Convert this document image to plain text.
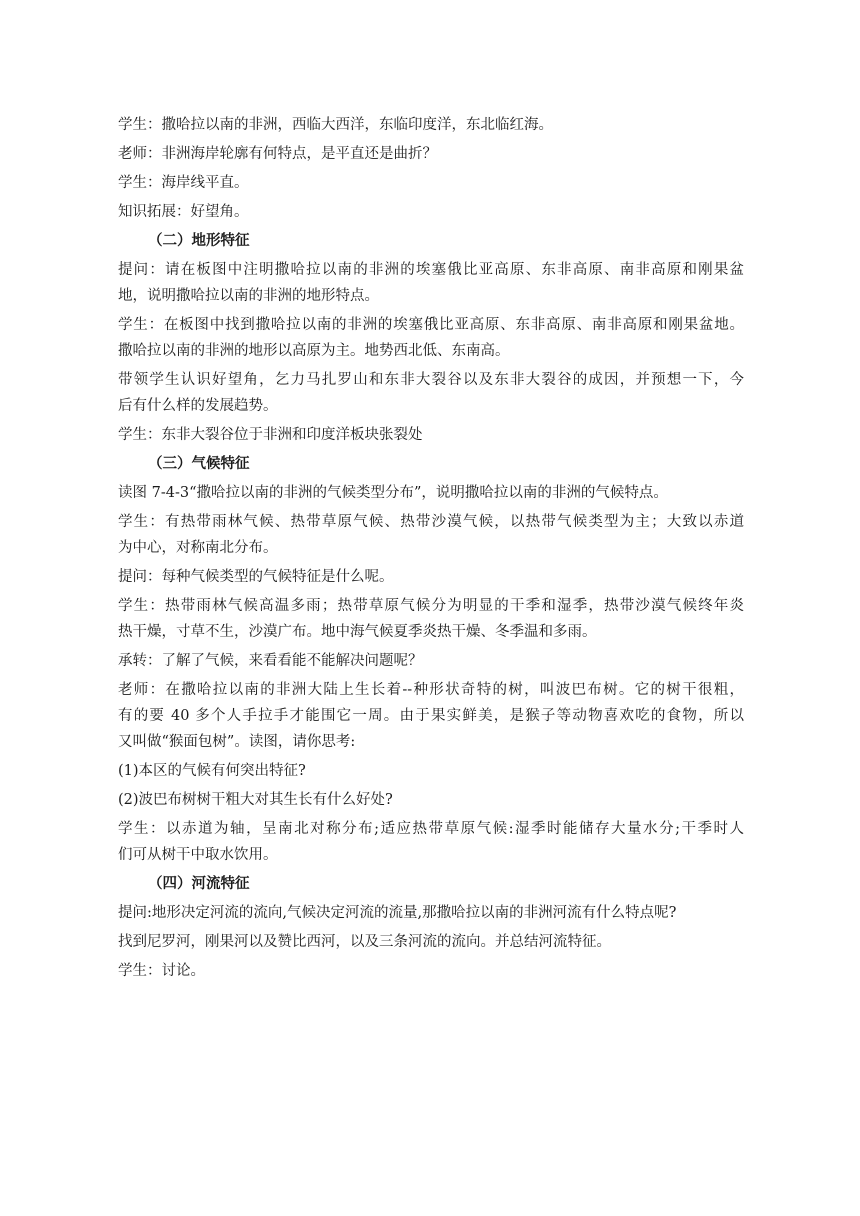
学生：撒哈拉以南的非洲，西临大西洋，东临印度洋，东北临红海。
老师：非洲海岸轮廓有何特点，是平直还是曲折？
学生：海岸线平直。
知识拓展：好望角。
（二）地形特征
提问：请在板图中注明撒哈拉以南的非洲的埃塞俄比亚高原、东非高原、南非高原和刚果盆
地，说明撒哈拉以南的非洲的地形特点。
学生：在板图中找到撒哈拉以南的非洲的埃塞俄比亚高原、东非高原、南非高原和刚果盆地。
撒哈拉以南的非洲的地形以高原为主。地势西北低、东南高。
带领学生认识好望角，乞力马扎罗山和东非大裂谷以及东非大裂谷的成因，并预想一下，今
后有什么样的发展趋势。
学生：东非大裂谷位于非洲和印度洋板块张裂处
（三）气候特征
读图 7-4-3“撒哈拉以南的非洲的气候类型分布”，说明撒哈拉以南的非洲的气候特点。
学生：有热带雨林气候、热带草原气候、热带沙漠气候，以热带气候类型为主；大致以赤道
为中心，对称南北分布。
提问：每种气候类型的气候特征是什么呢。
学生：热带雨林气候高温多雨；热带草原气候分为明显的干季和湿季，热带沙漠气候终年炎
热干燥，寸草不生，沙漠广布。地中海气候夏季炎热干燥、冬季温和多雨。
承转：了解了气候，来看看能不能解决问题呢？
老师：在撒哈拉以南的非洲大陆上生长着--种形状奇特的树，叫波巴布树。它的树干很粗，
有的要 40 多个人手拉手才能围它一周。由于果实鲜美，是猴子等动物喜欢吃的食物，所以
又叫做“猴面包树”。读图，请你思考:
(1)本区的气候有何突出特征?
(2)波巴布树树干粗大对其生长有什么好处?
学生：以赤道为轴，呈南北对称分布;适应热带草原气候:湿季时能储存大量水分;干季时人
们可从树干中取水饮用。
（四）河流特征
提问:地形决定河流的流向,气候决定河流的流量,那撒哈拉以南的非洲河流有什么特点呢?
找到尼罗河，刚果河以及赞比西河，以及三条河流的流向。并总结河流特征。
学生：讨论。
